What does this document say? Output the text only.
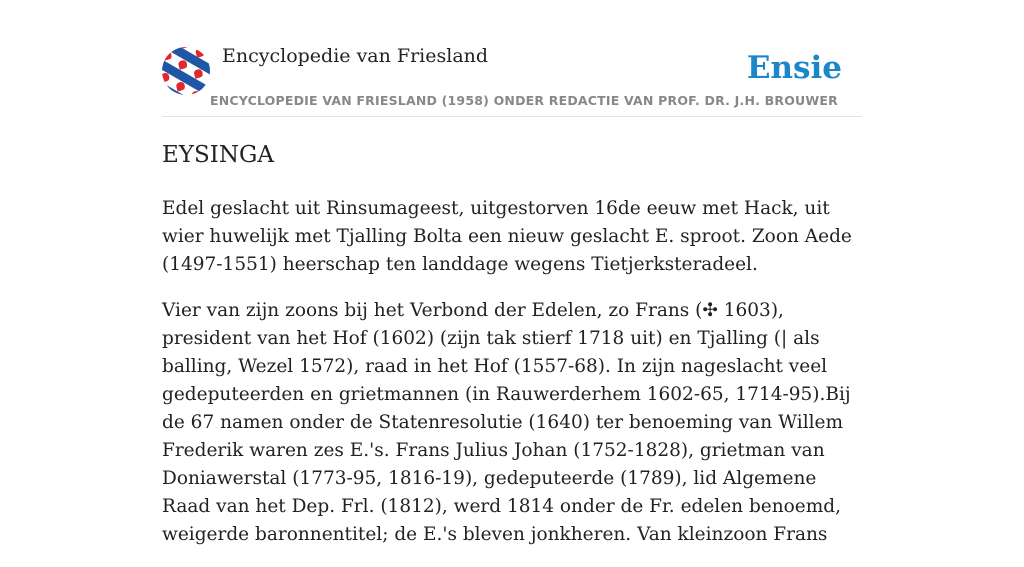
Encyclopedie van Friesland	Ensie
ENCYCLOPEDIE VAN FRIESLAND (1958) ONDER REDACTIE VAN PROF. DR. J.H. BROUWER
EYSINGA

Edel geslacht uit Rinsumageest, uitgestorven 16de eeuw met Hack, uit wier huwelijk met Tjalling Bolta een nieuw geslacht E. sproot. Zoon Aede (1497-1551) heerschap ten landdage wegens Tietjerksteradeel.

Vier van zijn zoons bij het Verbond der Edelen, zo Frans (✣ 1603), president van het Hof (1602) (zijn tak stierf 1718 uit) en Tjalling (| als balling, Wezel 1572), raad in het Hof (1557-68). In zijn nageslacht veel gedeputeerden en grietmannen (in Rauwerderhem 1602-65, 1714-95).Bij de 67 namen onder de Statenresolutie (1640) ter benoeming van Willem Frederik waren zes E.'s. Frans Julius Johan (1752-1828), grietman van Doniawerstal (1773-95, 1816-19), gedeputeerde (1789), lid Algemene Raad van het Dep. Frl. (1812), werd 1814 onder de Fr. edelen benoemd, weigerde baronnentitel; de E.'s bleven jonkheren. Van kleinzoon Frans
